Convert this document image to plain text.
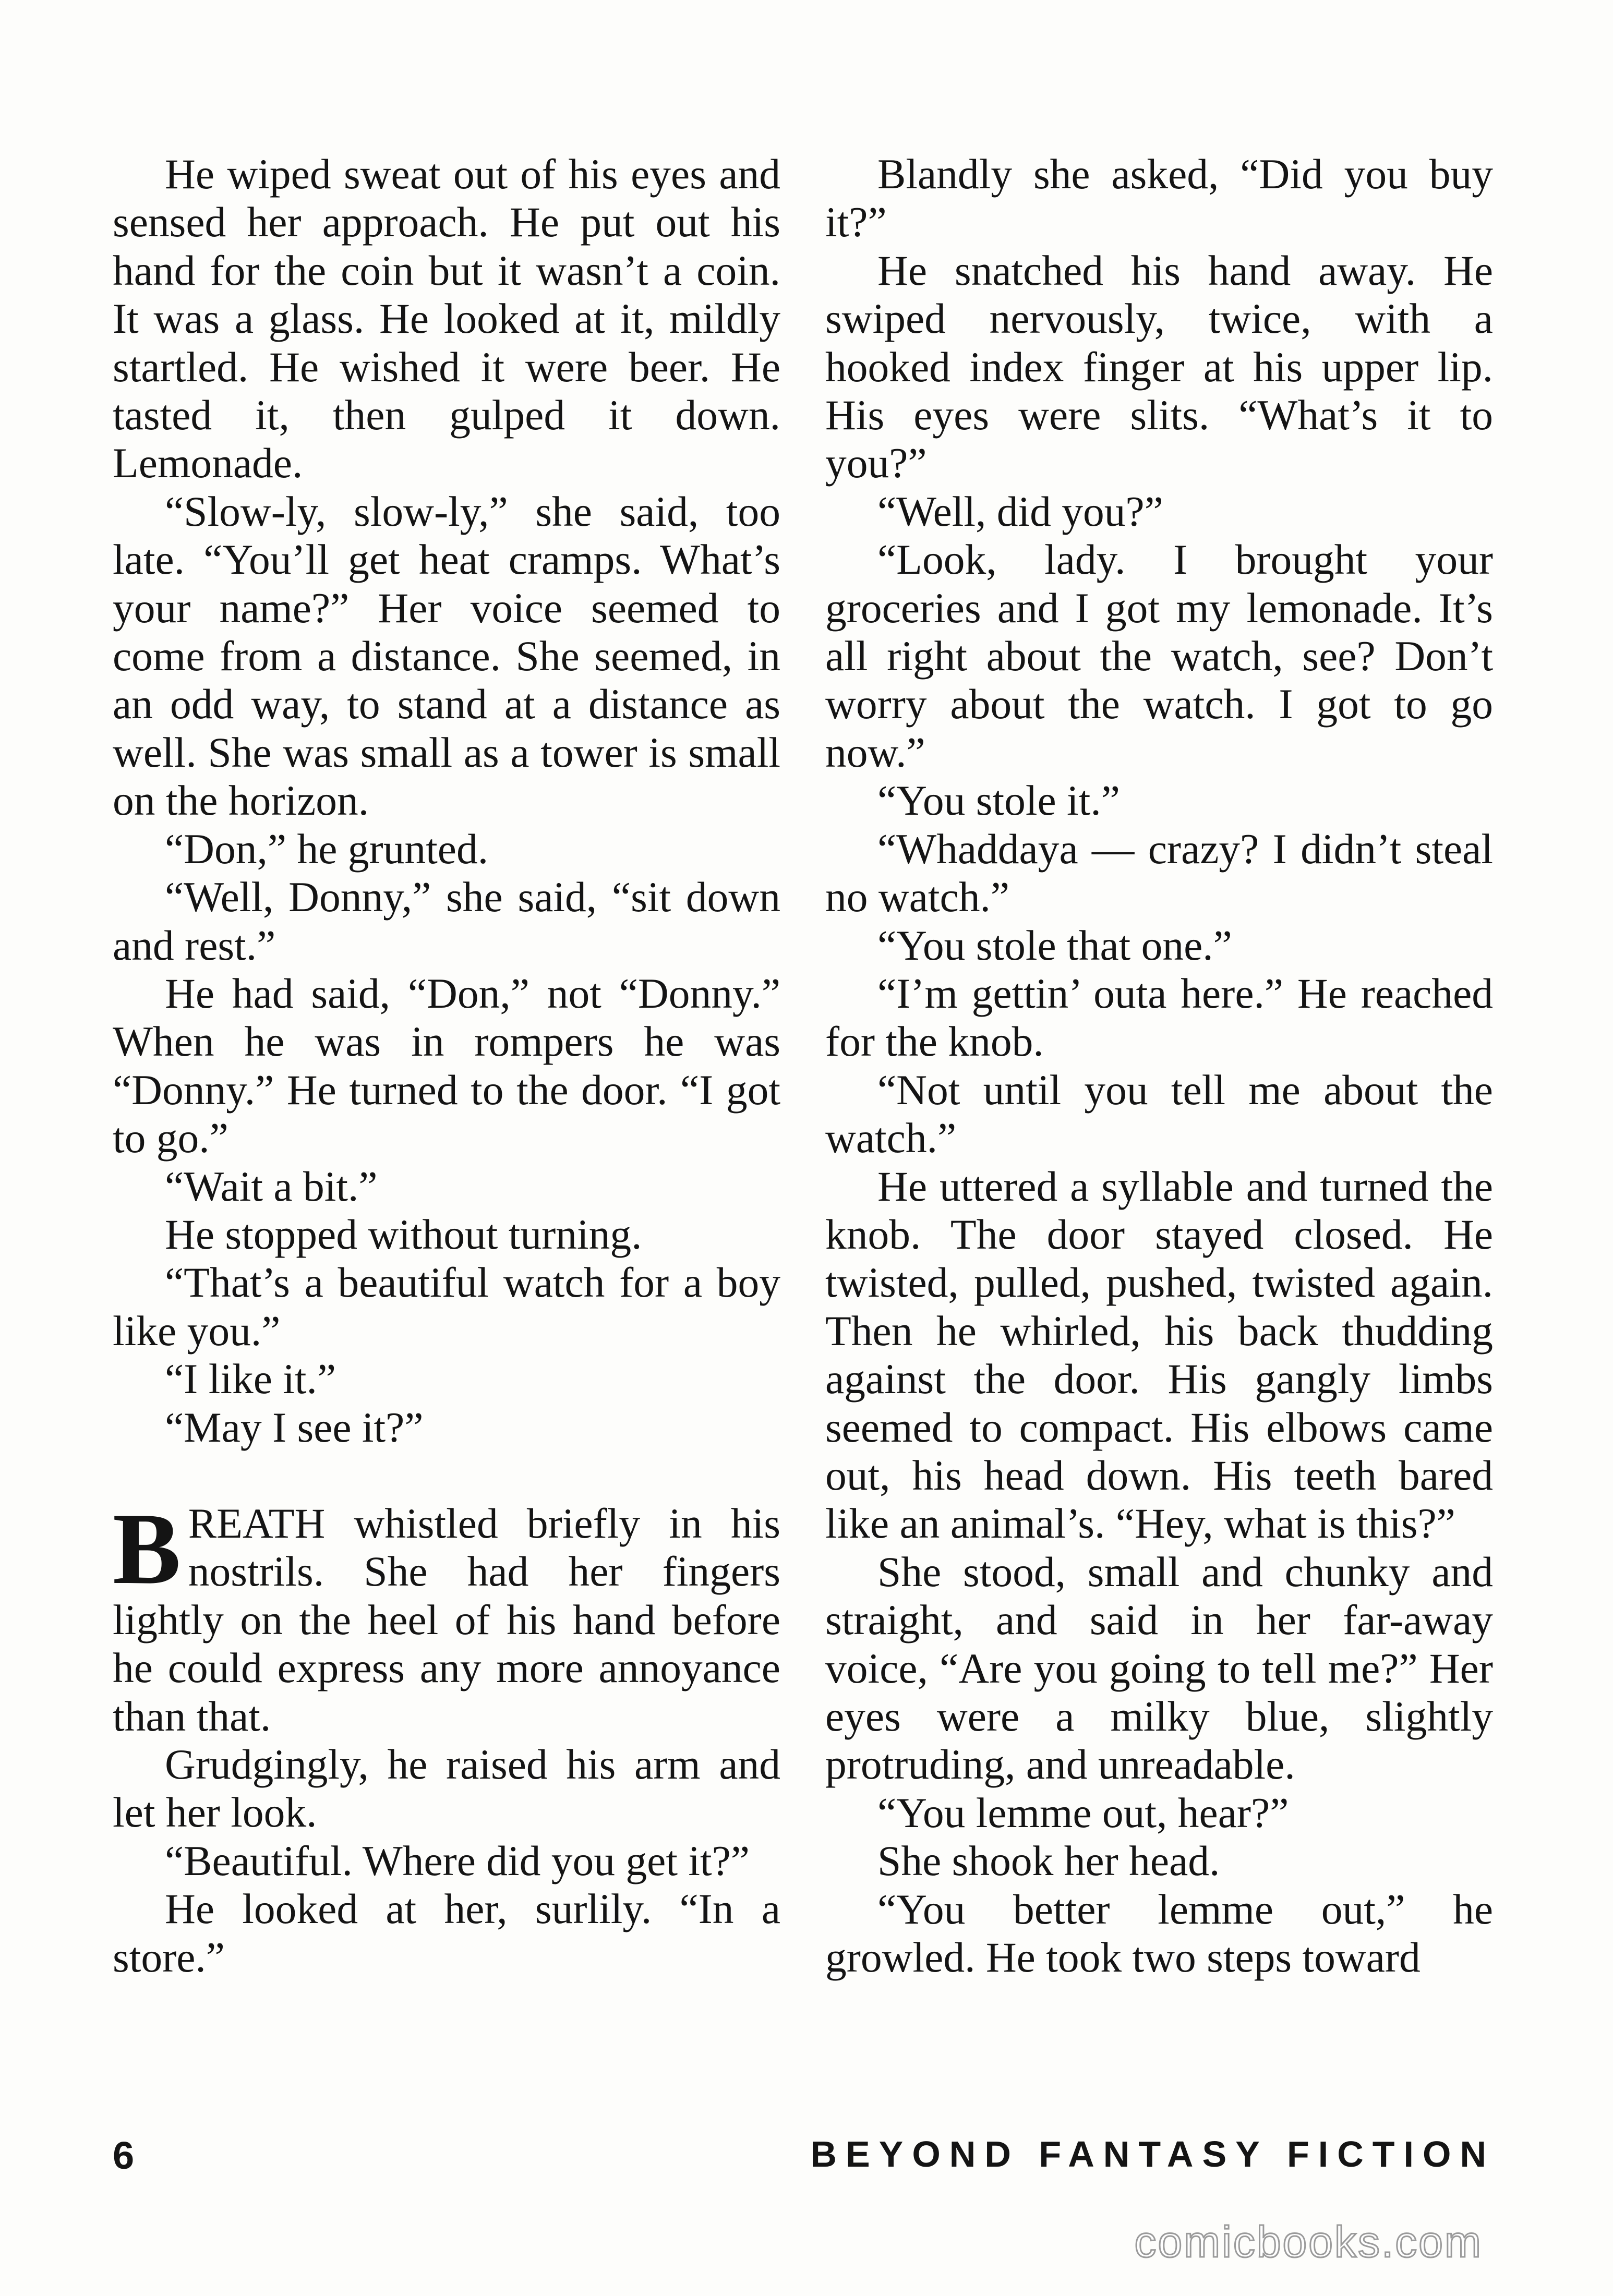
He wiped sweat out of his eyes and sensed her approach. He put out his hand for the coin but it wasn’t a coin. It was a glass. He looked at it, mildly startled. He wished it were beer. He tasted it, then gulped it down. Lemonade.

“Slow-ly, slow-ly,” she said, too late. “You’ll get heat cramps. What’s your name?” Her voice seemed to come from a distance. She seemed, in an odd way, to stand at a distance as well. She was small as a tower is small on the horizon.

“Don,” he grunted.

“Well, Donny,” she said, “sit down and rest.”

He had said, “Don,” not “Donny.” When he was in rompers he was “Donny.” He turned to the door. “I got to go.”

“Wait a bit.”

He stopped without turning.

“That’s a beautiful watch for a boy like you.”

“I like it.”

“May I see it?”

BREATH whistled briefly in his nostrils. She had her fingers lightly on the heel of his hand before he could express any more annoyance than that.

Grudgingly, he raised his arm and let her look.

“Beautiful. Where did you get it?”

He looked at her, surlily. “In a store.”

Blandly she asked, “Did you buy it?”

He snatched his hand away. He swiped nervously, twice, with a hooked index finger at his upper lip. His eyes were slits. “What’s it to you?”

“Well, did you?”

“Look, lady. I brought your groceries and I got my lemonade. It’s all right about the watch, see? Don’t worry about the watch. I got to go now.”

“You stole it.”

“Whaddaya — crazy? I didn’t steal no watch.”

“You stole that one.”

“I’m gettin’ outa here.” He reached for the knob.

“Not until you tell me about the watch.”

He uttered a syllable and turned the knob. The door stayed closed. He twisted, pulled, pushed, twisted again. Then he whirled, his back thudding against the door. His gangly limbs seemed to compact. His elbows came out, his head down. His teeth bared like an animal’s. “Hey, what is this?”

She stood, small and chunky and straight, and said in her far-away voice, “Are you going to tell me?” Her eyes were a milky blue, slightly protruding, and unreadable.

“You lemme out, hear?”

She shook her head.

“You better lemme out,” he growled. He took two steps toward

6	BEYOND FANTASY FICTION
comicbooks.com
